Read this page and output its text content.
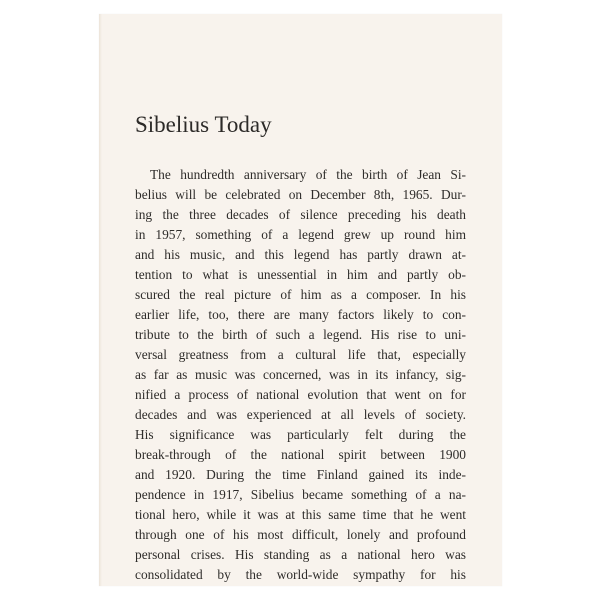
Sibelius Today
The hundredth anniversary of the birth of Jean Si-
belius will be celebrated on December 8th, 1965. Dur-
ing the three decades of silence preceding his death
in 1957, something of a legend grew up round him
and his music, and this legend has partly drawn at-
tention to what is unessential in him and partly ob-
scured the real picture of him as a composer. In his
earlier life, too, there are many factors likely to con-
tribute to the birth of such a legend. His rise to uni-
versal greatness from a cultural life that, especially
as far as music was concerned, was in its infancy, sig-
nified a process of national evolution that went on for
decades and was experienced at all levels of society.
His significance was particularly felt during the
break-through of the national spirit between 1900
and 1920. During the time Finland gained its inde-
pendence in 1917, Sibelius became something of a na-
tional hero, while it was at this same time that he went
through one of his most difficult, lonely and profound
personal crises. His standing as a national hero was
consolidated by the world-wide sympathy for his
